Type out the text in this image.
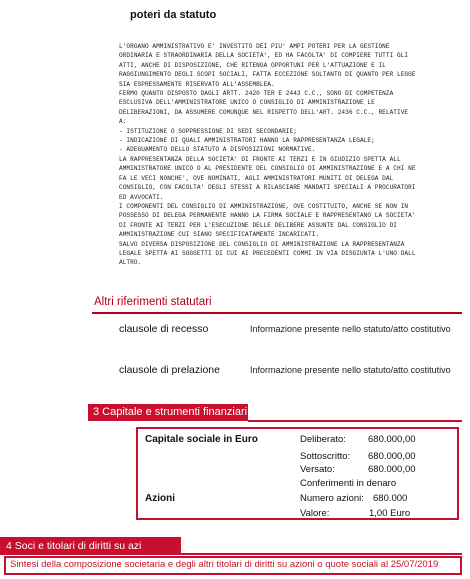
poteri da statuto
L'ORGANO AMMINISTRATIVO E' INVESTITO DEI PIU' AMPI POTERI PER LA GESTIONE
ORDINARIA E STRAORDINARIA DELLA SOCIETA', ED HA FACOLTA' DI COMPIERE TUTTI GLI
ATTI, ANCHE DI DISPOSIZIONE, CHE RITENGA OPPORTUNI PER L'ATTUAZIONE E IL
RAGGIUNGIMENTO DEGLI SCOPI SOCIALI, FATTA ECCEZIONE SOLTANTO DI QUANTO PER LEGGE
SIA ESPRESSAMENTE RISERVATO ALL'ASSEMBLEA.
FERMO QUANTO DISPOSTO DAGLI ARTT. 2420 TER E 2443 C.C., SONO DI COMPETENZA
ESCLUSIVA DELL'AMMINISTRATORE UNICO O CONSIGLIO DI AMMINISTRAZIONE LE
DELIBERAZIONI, DA ASSUMERE COMUNQUE NEL RISPETTO DELL'ART. 2436 C.C., RELATIVE
A:
- ISTITUZIONE O SOPPRESSIONE DI SEDI SECONDARIE;
- INDICAZIONE DI QUALI AMMINISTRATORI HANNO LA RAPPRESENTANZA LEGALE;
- ADEGUAMENTO DELLO STATUTO A DISPOSIZIONI NORMATIVE.
LA RAPPRESENTANZA DELLA SOCIETA' DI FRONTE AI TERZI E IN GIUDIZIO SPETTA ALL
AMMINISTRATORE UNICO O AL PRESIDENTE DEL CONSIGLIO DI AMMINISTRAZIONE E A CHI NE
FA LE VECI NONCHE', OVE NOMINATI, AGLI AMMINISTRATORI MUNITI DI DELEGA DAL
CONSIGLIO, CON FACOLTA' DEGLI STESSI A RILASCIARE MANDATI SPECIALI A PROCURATORI
ED AVVOCATI.
I COMPONENTI DEL CONSIGLIO DI AMMINISTRAZIONE, OVE COSTITUITO, ANCHE SE NON IN
POSSESSO DI DELEGA PERMANENTE HANNO LA FIRMA SOCIALE E RAPPRESENTANO LA SOCIETA'
DI FRONTE AI TERZI PER L'ESECUZIONE DELLE DELIBERE ASSUNTE DAL CONSIGLIO DI
AMMINISTRAZIONE CUI SIANO SPECIFICATAMENTE INCARICATI.
SALVO DIVERSA DISPOSIZIONE DEL CONSIGLIO DI AMMINISTRAZIONE LA RAPPRESENTANZA
LEGALE SPETTA AI SOGGETTI DI CUI AI PRECEDENTI COMMI IN VIA DISGIUNTA L'UNO DALL
ALTRO.
Altri riferimenti statutari
clausole di recesso	Informazione presente nello statuto/atto costitutivo
clausole di prelazione	Informazione presente nello statuto/atto costitutivo
3 Capitale e strumenti finanziari
Capitale sociale in Euro	Deliberato: 680.000,00
Sottoscritto: 680.000,00
Versato:	680.000,00
Conferimenti in denaro
Azioni	Numero azioni: 680.000
Valore:	1,00 Euro
4 Soci e titolari di diritti su azi
Sintesi della composizione societaria e degli altri titolari di diritti su azioni o quote sociali al 25/07/2019
